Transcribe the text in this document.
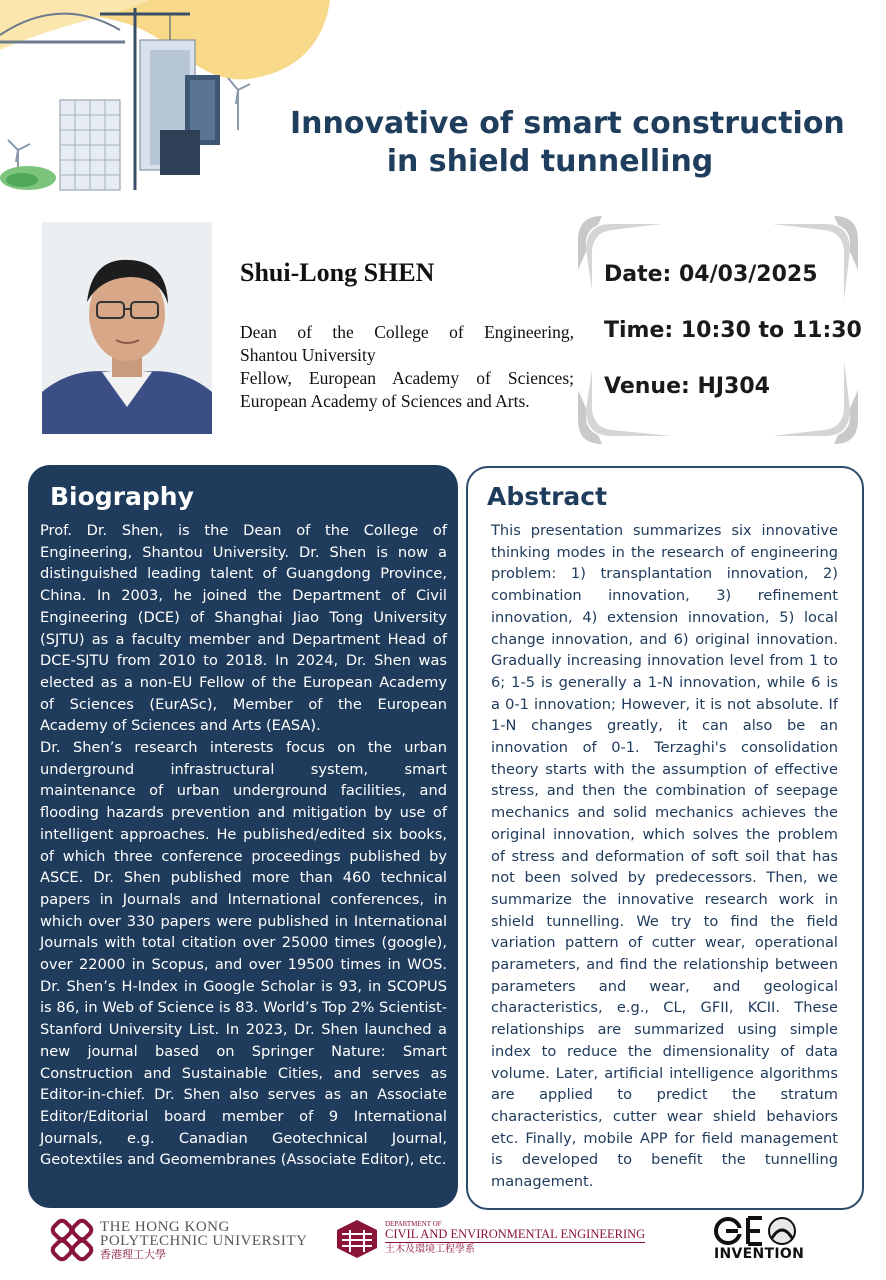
Innovative of smart construction
in shield tunnelling
Shui-Long SHEN
Dean of the College of Engineering,
Shantou University
Fellow, European Academy of Sciences;
European Academy of Sciences and Arts.
Date: 04/03/2025
Time: 10:30 to 11:30
Venue: HJ304
Biography

Prof. Dr. Shen, is the Dean of the College of Engineering, Shantou University. Dr. Shen is now a distinguished leading talent of Guangdong Province, China. In 2003, he joined the Department of Civil Engineering (DCE) of Shanghai Jiao Tong University (SJTU) as a faculty member and Department Head of DCE-SJTU from 2010 to 2018. In 2024, Dr. Shen was elected as a non-EU Fellow of the European Academy of Sciences (EurASc), Member of the European Academy of Sciences and Arts (EASA).

Dr. Shen’s research interests focus on the urban underground infrastructural system, smart maintenance of urban underground facilities, and flooding hazards prevention and mitigation by use of intelligent approaches. He published/edited six books, of which three conference proceedings published by ASCE. Dr. Shen published more than 460 technical papers in Journals and International conferences, in which over 330 papers were published in International Journals with total citation over 25000 times (google), over 22000 in Scopus, and over 19500 times in WOS. Dr. Shen’s H-Index in Google Scholar is 93, in SCOPUS is 86, in Web of Science is 83. World’s Top 2% Scientist-Stanford University List. In 2023, Dr. Shen launched a new journal based on Springer Nature: Smart Construction and Sustainable Cities, and serves as Editor-in-chief. Dr. Shen also serves as an Associate Editor/Editorial board member of 9 International Journals, e.g. Canadian Geotechnical Journal, Geotextiles and Geomembranes (Associate Editor), etc.

Abstract
This presentation summarizes six innovative thinking modes in the research of engineering problem: 1) transplantation innovation, 2) combination innovation, 3) refinement innovation, 4) extension innovation, 5) local change innovation, and 6) original innovation. Gradually increasing innovation level from 1 to 6; 1-5 is generally a 1-N innovation, while 6 is a 0-1 innovation; However, it is not absolute. If 1-N changes greatly, it can also be an innovation of 0-1. Terzaghi's consolidation theory starts with the assumption of effective stress, and then the combination of seepage mechanics and solid mechanics achieves the original innovation, which solves the problem of stress and deformation of soft soil that has not been solved by predecessors. Then, we summarize the innovative research work in shield tunnelling. We try to find the field variation pattern of cutter wear, operational parameters, and find the relationship between parameters and wear, and geological characteristics, e.g., CL, GFII, KCII. These relationships are summarized using simple index to reduce the dimensionality of data volume. Later, artificial intelligence algorithms are applied to predict the stratum characteristics, cutter wear shield behaviors etc. Finally, mobile APP for field management is developed to benefit the tunnelling management.
THE HONG KONG
POLYTECHNIC UNIVERSITY
香港理工大學
DEPARTMENT OF
CIVIL AND ENVIRONMENTAL ENGINEERING
土木及環境工程學系	INVENTION
